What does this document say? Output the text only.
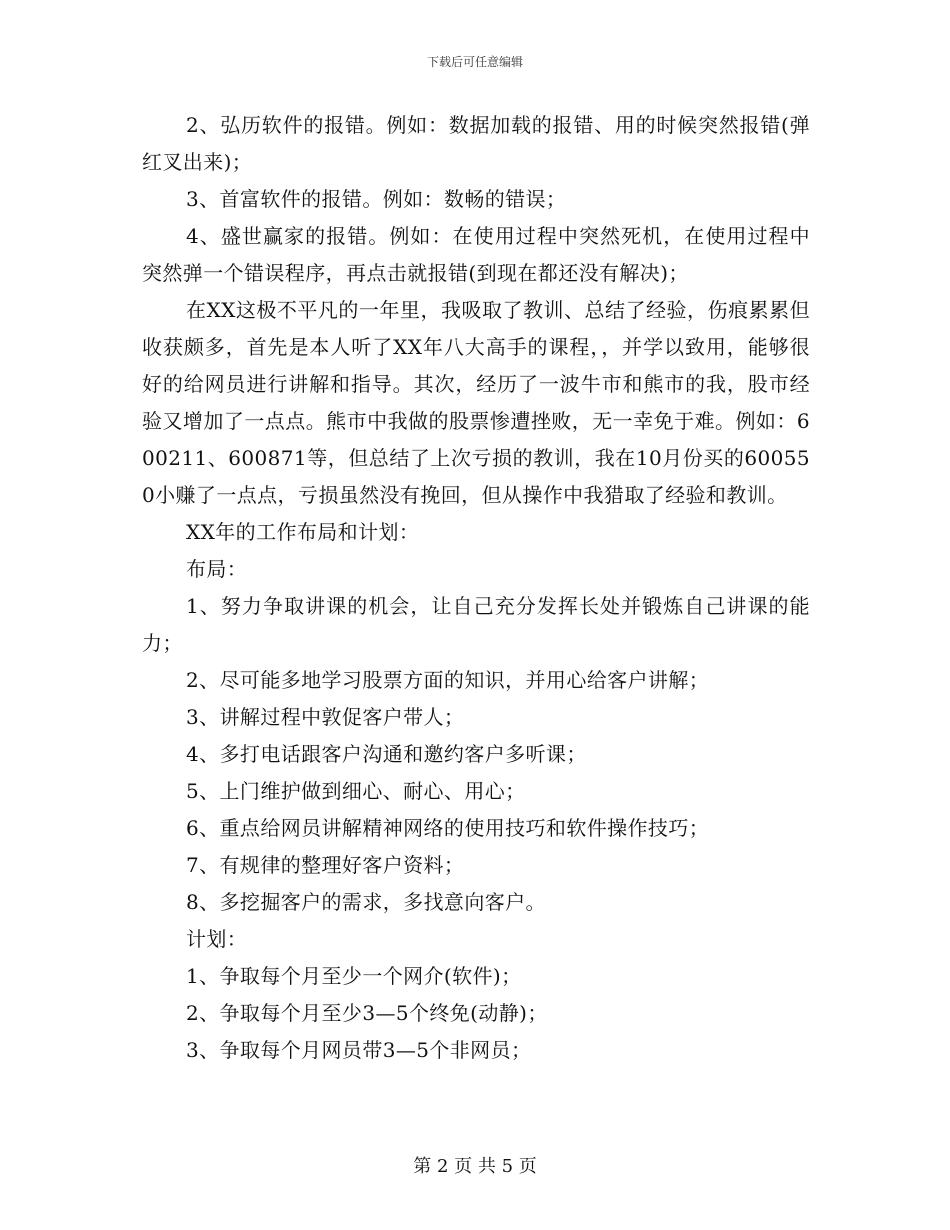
下载后可任意编辑

2、弘历软件的报错。例如：数据加载的报错、用的时候突然报错(弹红叉出来)；

3、首富软件的报错。例如：数畅的错误；

4、盛世赢家的报错。例如：在使用过程中突然死机，在使用过程中突然弹一个错误程序，再点击就报错(到现在都还没有解决)；

在XX这极不平凡的一年里，我吸取了教训、总结了经验，伤痕累累但收获颇多，首先是本人听了XX年八大高手的课程，，并学以致用，能够很好的给网员进行讲解和指导。其次，经历了一波牛市和熊市的我，股市经验又增加了一点点。熊市中我做的股票惨遭挫败，无一幸免于难。例如：600211、600871等，但总结了上次亏损的教训，我在10月份买的600550小赚了一点点，亏损虽然没有挽回，但从操作中我猎取了经验和教训。

XX年的工作布局和计划：

布局：

1、努力争取讲课的机会，让自己充分发挥长处并锻炼自己讲课的能力；

2、尽可能多地学习股票方面的知识，并用心给客户讲解；

3、讲解过程中敦促客户带人；

4、多打电话跟客户沟通和邀约客户多听课；

5、上门维护做到细心、耐心、用心；

6、重点给网员讲解精神网络的使用技巧和软件操作技巧；

7、有规律的整理好客户资料；

8、多挖掘客户的需求，多找意向客户。

计划：

1、争取每个月至少一个网介(软件)；

2、争取每个月至少3—5个终免(动静)；

3、争取每个月网员带3—5个非网员；

第 2 页 共 5 页
